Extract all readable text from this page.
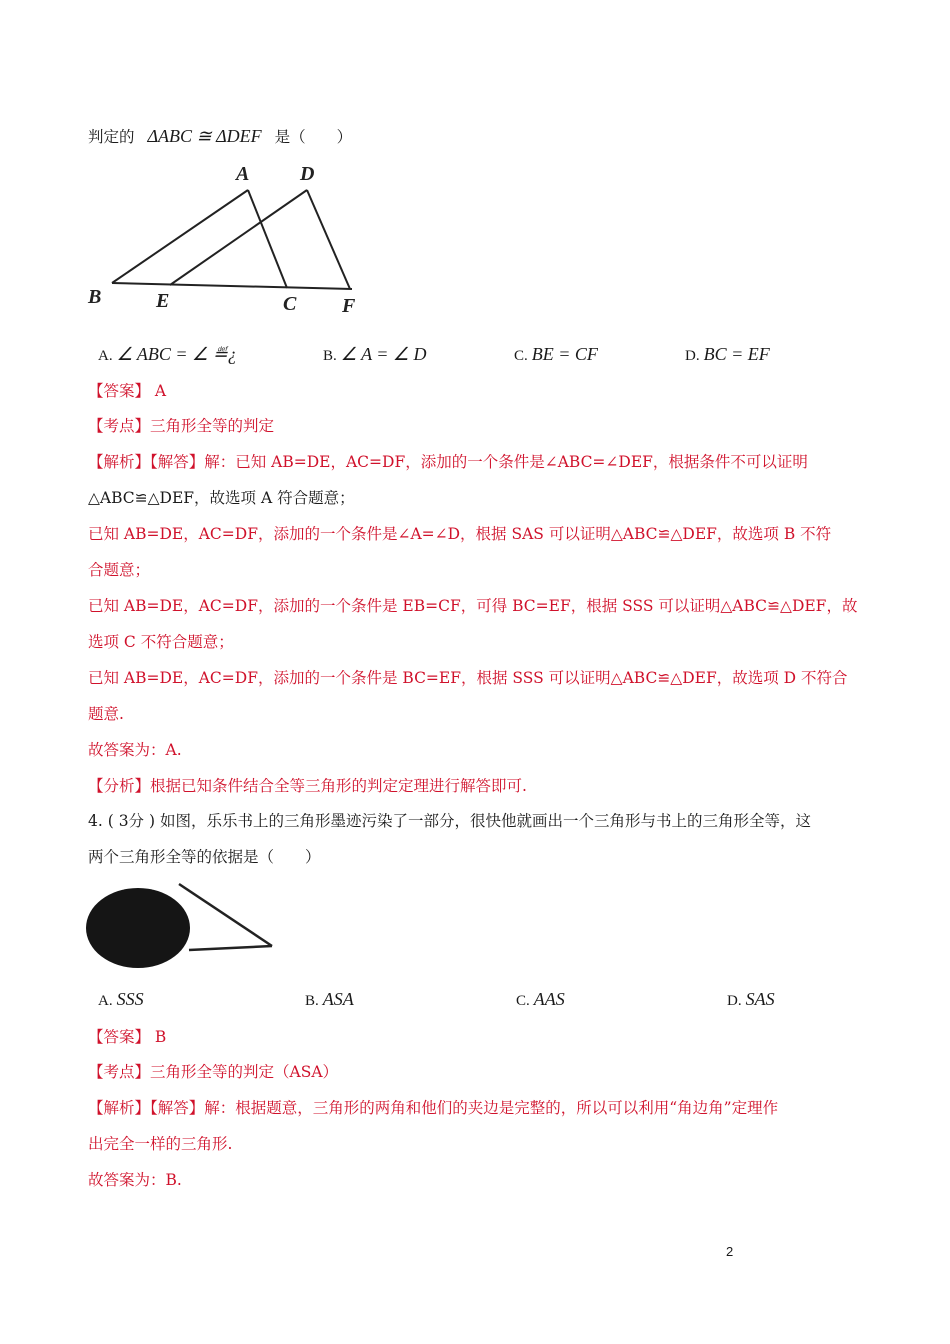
判定的 ΔABC ≅ ΔDEF 是（　　）
A	D
B	E	C F
A. ∠ ABC = ∠ ≝¿	B. ∠ A = ∠ D	C. BE = CF	D. BC = EF
【答案】 A
【考点】三角形全等的判定
【解析】【解答】解：已知 AB=DE，AC=DF，添加的一个条件是∠ABC=∠DEF，根据条件不可以证明
△ABC≌△DEF，故选项 A 符合题意；
已知 AB=DE，AC=DF，添加的一个条件是∠A=∠D，根据 SAS 可以证明△ABC≌△DEF，故选项 B 不符
合题意；
已知 AB=DE，AC=DF，添加的一个条件是 EB=CF，可得 BC=EF，根据 SSS 可以证明△ABC≌△DEF，故
选项 C 不符合题意；
已知 AB=DE，AC=DF，添加的一个条件是 BC=EF，根据 SSS 可以证明△ABC≌△DEF，故选项 D 不符合
题意.
故答案为：A.
【分析】根据已知条件结合全等三角形的判定定理进行解答即可.
4. ( 3分 ) 如图，乐乐书上的三角形墨迹污染了一部分，很快他就画出一个三角形与书上的三角形全等，这
两个三角形全等的依据是（　　）
A. SSS	B. ASA	C. AAS	D. SAS
【答案】 B
【考点】三角形全等的判定（ASA）
【解析】【解答】解：根据题意，三角形的两角和他们的夹边是完整的，所以可以利用“角边角”定理作
出完全一样的三角形.
故答案为：B.
2
